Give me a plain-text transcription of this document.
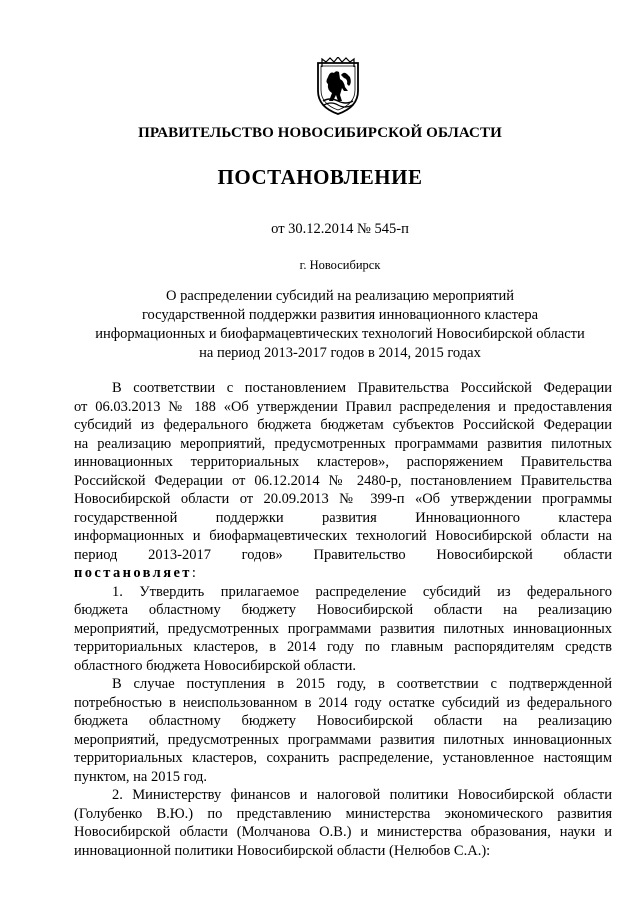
ПРАВИТЕЛЬСТВО НОВОСИБИРСКОЙ ОБЛАСТИ
ПОСТАНОВЛЕНИЕ
от 30.12.2014 № 545-п
г. Новосибирск
О распределении субсидий на реализацию мероприятий
государственной поддержки развития инновационного кластера
информационных и биофармацевтических технологий Новосибирской области
на период 2013-2017 годов в 2014, 2015 годах

В соответствии с постановлением Правительства Российской Федерации
от 06.03.2013 № 188 «Об утверждении Правил распределения и предоставления
субсидий из федерального бюджета бюджетам субъектов Российской Федерации
на реализацию мероприятий, предусмотренных программами развития пилотных
инновационных территориальных кластеров», распоряжением Правительства
Российской Федерации от 06.12.2014 № 2480-р, постановлением Правительства
Новосибирской области от 20.09.2013 № 399-п «Об утверждении программы
государственной поддержки развития Инновационного кластера
информационных и биофармацевтических технологий Новосибирской области на
период 2013-2017 годов» Правительство Новосибирской области
постановляет:

1. Утвердить прилагаемое распределение субсидий из федерального
бюджета областному бюджету Новосибирской области на реализацию
мероприятий, предусмотренных программами развития пилотных инновационных
территориальных кластеров, в 2014 году по главным распорядителям средств
областного бюджета Новосибирской области.

В случае поступления в 2015 году, в соответствии с подтвержденной
потребностью в неиспользованном в 2014 году остатке субсидий из федерального
бюджета областному бюджету Новосибирской области на реализацию
мероприятий, предусмотренных программами развития пилотных инновационных
территориальных кластеров, сохранить распределение, установленное настоящим
пунктом, на 2015 год.

2. Министерству финансов и налоговой политики Новосибирской области
(Голубенко В.Ю.) по представлению министерства экономического развития
Новосибирской области (Молчанова О.В.) и министерства образования, науки и
инновационной политики Новосибирской области (Нелюбов С.А.):
